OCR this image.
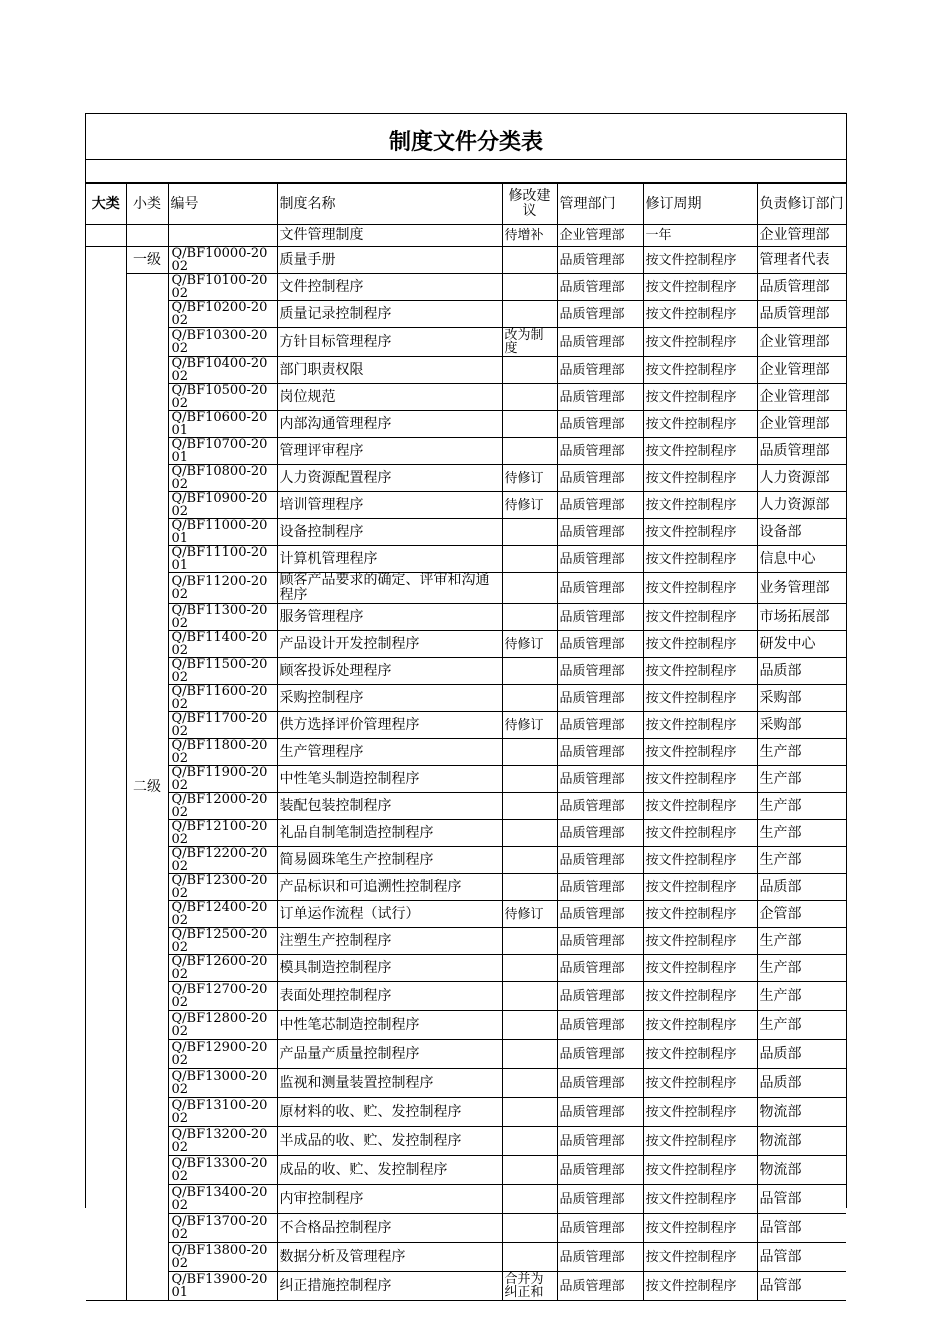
制度文件分类表
大类	小类	编号	制度名称	修改建议	管理部门	修订周期	负责修订部门
			文件管理制度	待增补	企业管理部	一年	企业管理部
	一级	Q/BF10000-2002	质量手册		品质管理部	按文件控制程序	管理者代表
	二级	Q/BF10100-2002	文件控制程序		品质管理部	按文件控制程序	品质管理部
		Q/BF10200-2002	质量记录控制程序		品质管理部	按文件控制程序	品质管理部
		Q/BF10300-2002	方针目标管理程序	改为制度	品质管理部	按文件控制程序	企业管理部
		Q/BF10400-2002	部门职责权限		品质管理部	按文件控制程序	企业管理部
		Q/BF10500-2002	岗位规范		品质管理部	按文件控制程序	企业管理部
		Q/BF10600-2001	内部沟通管理程序		品质管理部	按文件控制程序	企业管理部
		Q/BF10700-2001	管理评审程序		品质管理部	按文件控制程序	品质管理部
		Q/BF10800-2002	人力资源配置程序	待修订	品质管理部	按文件控制程序	人力资源部
		Q/BF10900-2002	培训管理程序	待修订	品质管理部	按文件控制程序	人力资源部
		Q/BF11000-2001	设备控制程序		品质管理部	按文件控制程序	设备部
		Q/BF11100-2001	计算机管理程序		品质管理部	按文件控制程序	信息中心
		Q/BF11200-2002	顾客产品要求的确定、评审和沟通程序		品质管理部	按文件控制程序	业务管理部
		Q/BF11300-2002	服务管理程序		品质管理部	按文件控制程序	市场拓展部
		Q/BF11400-2002	产品设计开发控制程序	待修订	品质管理部	按文件控制程序	研发中心
		Q/BF11500-2002	顾客投诉处理程序		品质管理部	按文件控制程序	品质部
		Q/BF11600-2002	采购控制程序		品质管理部	按文件控制程序	采购部
		Q/BF11700-2002	供方选择评价管理程序	待修订	品质管理部	按文件控制程序	采购部
		Q/BF11800-2002	生产管理程序		品质管理部	按文件控制程序	生产部
		Q/BF11900-2002	中性笔头制造控制程序		品质管理部	按文件控制程序	生产部
		Q/BF12000-2002	装配包装控制程序		品质管理部	按文件控制程序	生产部
		Q/BF12100-2002	礼品自制笔制造控制程序		品质管理部	按文件控制程序	生产部
		Q/BF12200-2002	简易圆珠笔生产控制程序		品质管理部	按文件控制程序	生产部
		Q/BF12300-2002	产品标识和可追溯性控制程序		品质管理部	按文件控制程序	品质部
		Q/BF12400-2002	订单运作流程（试行）	待修订	品质管理部	按文件控制程序	企管部
		Q/BF12500-2002	注塑生产控制程序		品质管理部	按文件控制程序	生产部
		Q/BF12600-2002	模具制造控制程序		品质管理部	按文件控制程序	生产部
		Q/BF12700-2002	表面处理控制程序		品质管理部	按文件控制程序	生产部
		Q/BF12800-2002	中性笔芯制造控制程序		品质管理部	按文件控制程序	生产部
		Q/BF12900-2002	产品量产质量控制程序		品质管理部	按文件控制程序	品质部
		Q/BF13000-2002	监视和测量装置控制程序		品质管理部	按文件控制程序	品质部
		Q/BF13100-2002	原材料的收、贮、发控制程序		品质管理部	按文件控制程序	物流部
		Q/BF13200-2002	半成品的收、贮、发控制程序		品质管理部	按文件控制程序	物流部
		Q/BF13300-2002	成品的收、贮、发控制程序		品质管理部	按文件控制程序	物流部
		Q/BF13400-2002	内审控制程序		品质管理部	按文件控制程序	品管部
		Q/BF13700-2002	不合格品控制程序		品质管理部	按文件控制程序	品管部
		Q/BF13800-2002	数据分析及管理程序		品质管理部	按文件控制程序	品管部
		Q/BF13900-2001	纠正措施控制程序	合并为纠正和	品质管理部	按文件控制程序	品管部
